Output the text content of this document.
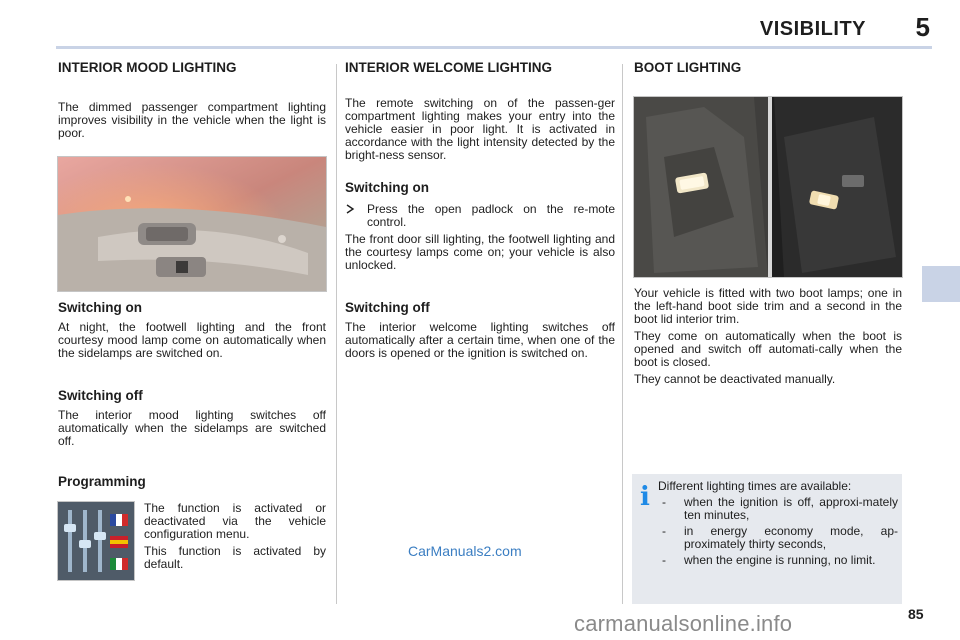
VISIBILITY 5
INTERIOR MOOD LIGHTING

The dimmed passenger compartment lighting improves visibility in the vehicle when the light is poor.

Switching on

At night, the footwell lighting and the front courtesy mood lamp come on automatically when the sidelamps are switched on.

Switching off

The interior mood lighting switches off automatically when the sidelamps are switched off.

Programming

The function is activated or deactivated via the vehicle configuration menu.

This function is activated by default.

INTERIOR WELCOME LIGHTING

The remote switching on of the passen-ger compartment lighting makes your entry into the vehicle easier in poor light. It is activated in accordance with the light intensity detected by the bright-ness sensor.

Switching on
Press the open padlock on the re-mote control.

The front door sill lighting, the footwell lighting and the courtesy lamps come on; your vehicle is also unlocked.

Switching off

The interior welcome lighting switches off automatically after a certain time, when one of the doors is opened or the ignition is switched on.

BOOT LIGHTING

Your vehicle is fitted with two boot lamps; one in the left-hand boot side trim and a second in the boot lid interior trim.

They come on automatically when the boot is opened and switch off automati-cally when the boot is closed.

They cannot be deactivated manually.

i Different lighting times are available:
-	when the ignition is off, approxi-mately ten minutes,
-	in energy economy mode, ap-proximately thirty seconds,
-	when the engine is running, no limit.
CarManuals2.com
85
carmanualsonline.info
